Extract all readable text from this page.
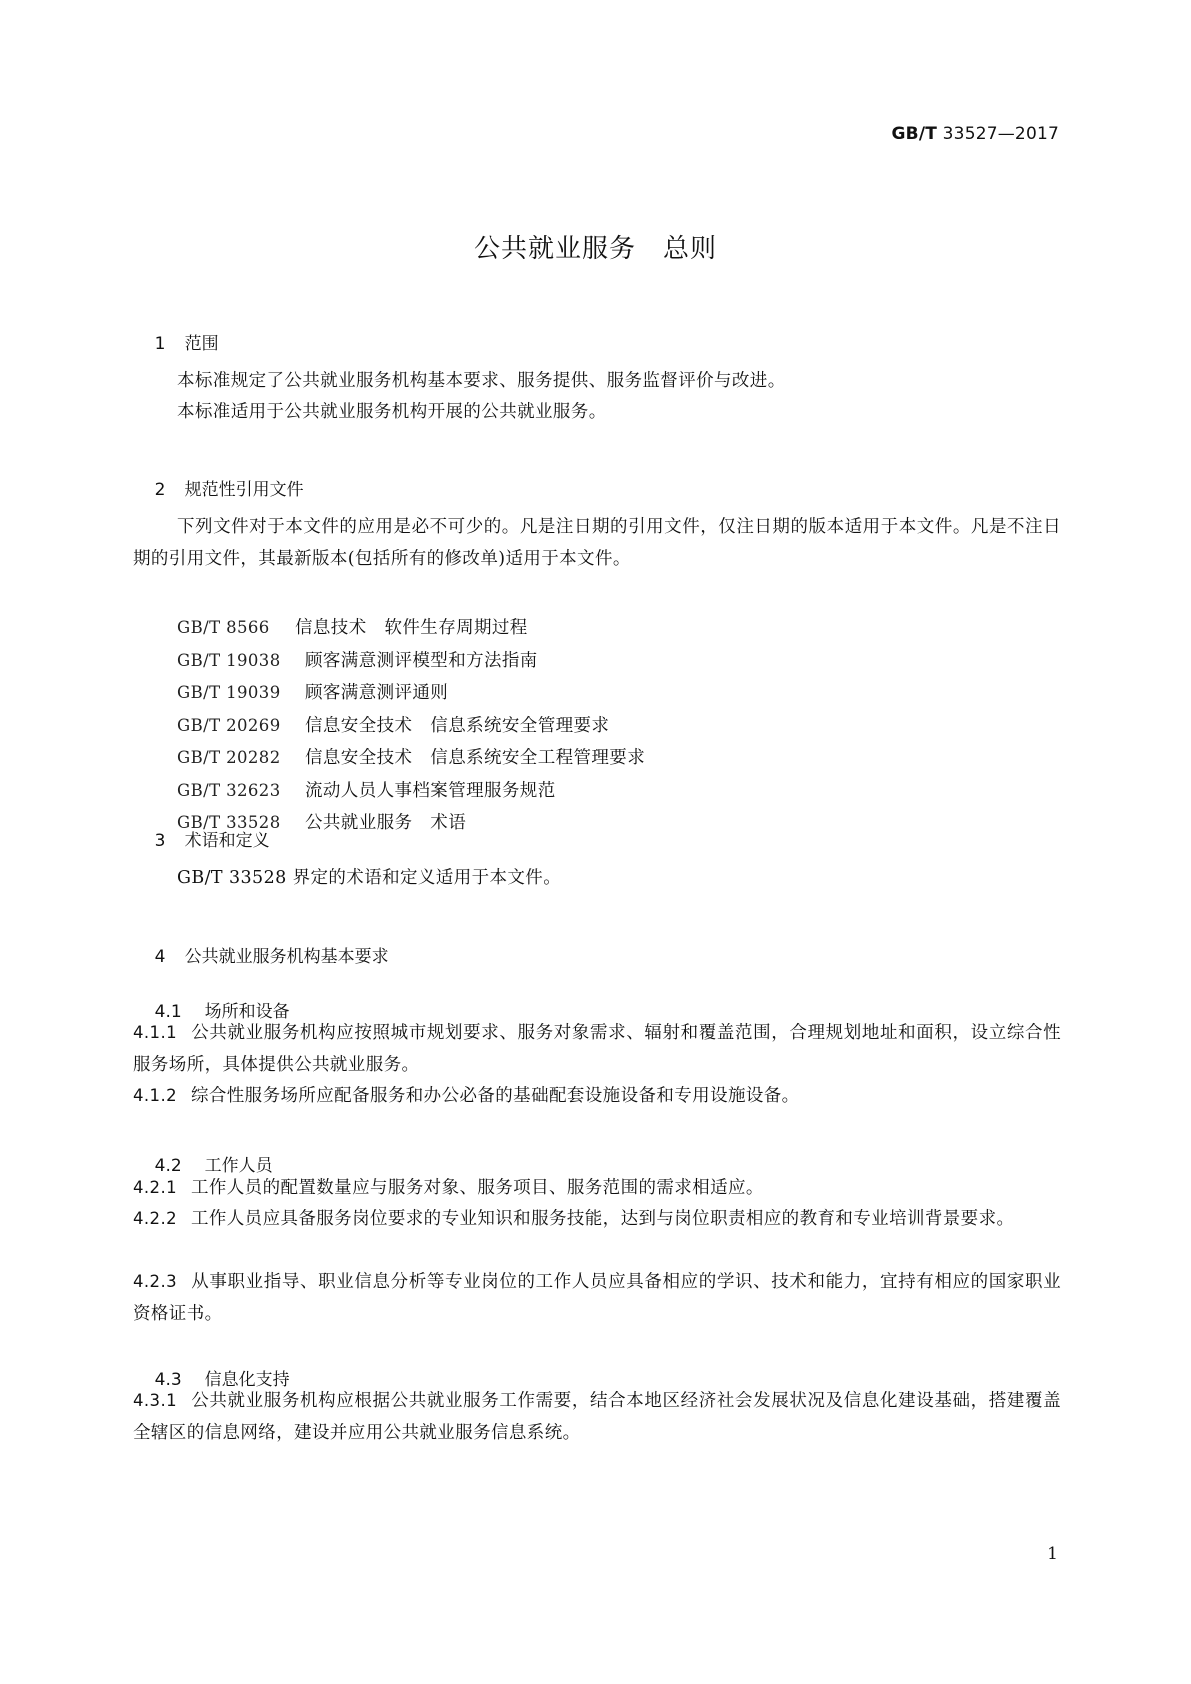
GB/T 33527—2017
公共就业服务　总则

1 范围

本标准规定了公共就业服务机构基本要求、服务提供、服务监督评价与改进。
本标准适用于公共就业服务机构开展的公共就业服务。

2 规范性引用文件

下列文件对于本文件的应用是必不可少的。凡是注日期的引用文件，仅注日期的版本适用于本文件。凡是不注日期的引用文件，其最新版本(包括所有的修改单)适用于本文件。
GB/T 8566 信息技术　软件生存周期过程
GB/T 19038 顾客满意测评模型和方法指南
GB/T 19039 顾客满意测评通则
GB/T 20269 信息安全技术　信息系统安全管理要求
GB/T 20282 信息安全技术　信息系统安全工程管理要求
GB/T 32623 流动人员人事档案管理服务规范
GB/T 33528 公共就业服务　术语

3 术语和定义

GB/T 33528 界定的术语和定义适用于本文件。

4 公共就业服务机构基本要求

4.1 场所和设备

4.1.1 公共就业服务机构应按照城市规划要求、服务对象需求、辐射和覆盖范围，合理规划地址和面积，设立综合性服务场所，具体提供公共就业服务。
4.1.2 综合性服务场所应配备服务和办公必备的基础配套设施设备和专用设施设备。

4.2 工作人员

4.2.1 工作人员的配置数量应与服务对象、服务项目、服务范围的需求相适应。
4.2.2 工作人员应具备服务岗位要求的专业知识和服务技能，达到与岗位职责相应的教育和专业培训背景要求。
4.2.3 从事职业指导、职业信息分析等专业岗位的工作人员应具备相应的学识、技术和能力，宜持有相应的国家职业资格证书。

4.3 信息化支持

4.3.1 公共就业服务机构应根据公共就业服务工作需要，结合本地区经济社会发展状况及信息化建设基础，搭建覆盖全辖区的信息网络，建设并应用公共就业服务信息系统。
1
